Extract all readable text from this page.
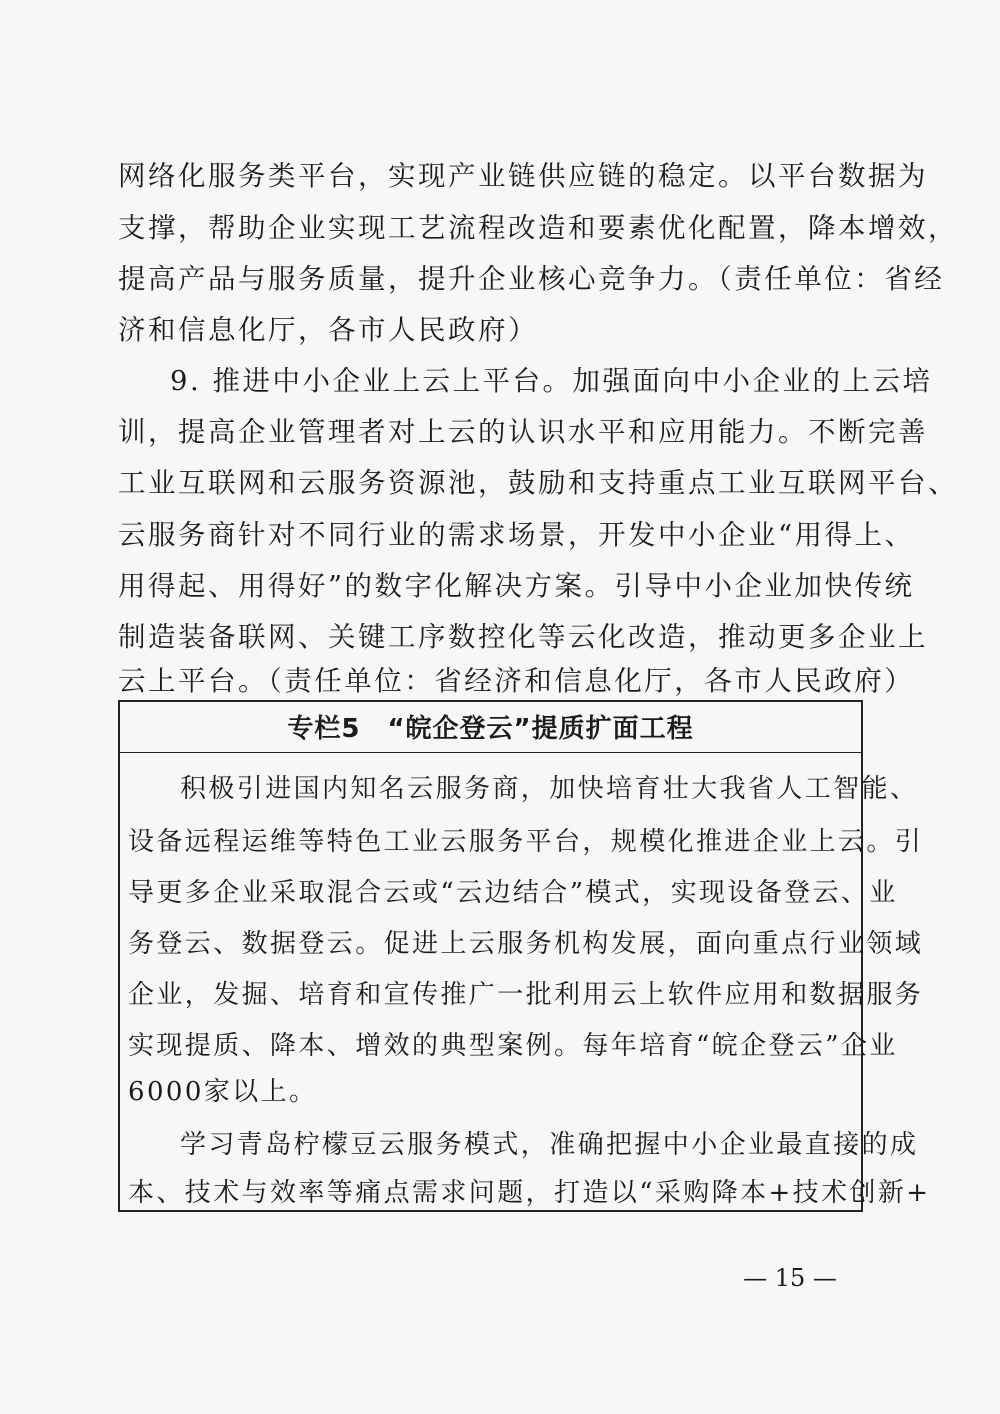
网络化服务类平台，实现产业链供应链的稳定。以平台数据为
支撑，帮助企业实现工艺流程改造和要素优化配置，降本增效，
提高产品与服务质量，提升企业核心竞争力。（责任单位：省经
济和信息化厅，各市人民政府）
9. 推进中小企业上云上平台。加强面向中小企业的上云培
训，提高企业管理者对上云的认识水平和应用能力。不断完善
工业互联网和云服务资源池，鼓励和支持重点工业互联网平台、
云服务商针对不同行业的需求场景，开发中小企业“用得上、
用得起、用得好”的数字化解决方案。引导中小企业加快传统
制造装备联网、关键工序数控化等云化改造，推动更多企业上
云上平台。（责任单位：省经济和信息化厅，各市人民政府）
专栏5　“皖企登云”提质扩面工程
积极引进国内知名云服务商，加快培育壮大我省人工智能、
设备远程运维等特色工业云服务平台，规模化推进企业上云。引
导更多企业采取混合云或“云边结合”模式，实现设备登云、业
务登云、数据登云。促进上云服务机构发展，面向重点行业领域
企业，发掘、培育和宣传推广一批利用云上软件应用和数据服务
实现提质、降本、增效的典型案例。每年培育“皖企登云”企业
6000家以上。
学习青岛柠檬豆云服务模式，准确把握中小企业最直接的成
本、技术与效率等痛点需求问题，打造以“采购降本+技术创新+
— 15 —
